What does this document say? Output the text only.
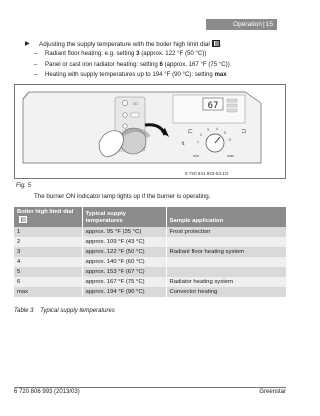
Operation|15
▶ Adjusting the supply temperature with the boiler high limit dial .
– Radiant floor heating: e.g. setting 3 (approx. 122 °F (50 °C))
– Panel or cast iron radiator heating: setting 6 (approx. 167 °F (75 °C))
– Heating with supply temperatures up to 194 °F (90 °C): setting max
I/O	67
min	max
1
2
3 4
5
6
⊏	⊐
↯
6 720 641 933-53.1O
Fig. 5
The burner ON indicator lamp lights up if the burner is operating.
Boiler high limit dial	Typical supply temperatures	Sample application
1	approx. 95 °F (35 °C)	Frost protection
2	approx. 109 °F (43 °C)	
3	approx. 122 °F (50 °C)	Radiant floor heating system
4	approx. 140 °F (60 °C)	
5	approx. 153 °F (67 °C)	
6	approx. 167 °F (75 °C)	Radiator heating system
max	approx. 194 °F (90 °C)	Convector heating
Table 3 Typical supply temperatures
6 720 806 993 (2013/03)	Greenstar
